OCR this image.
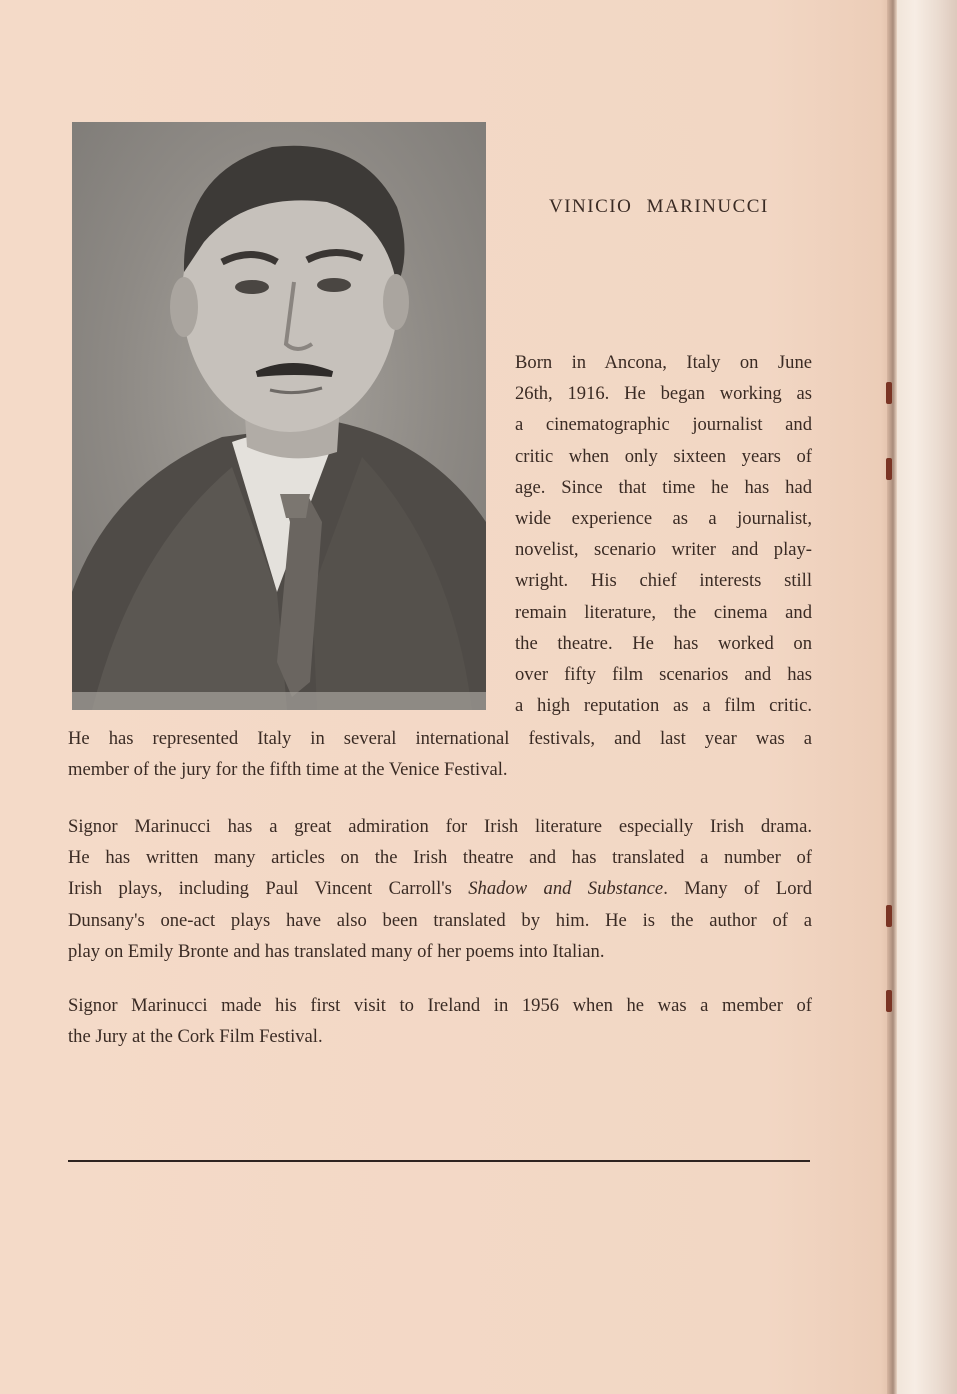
VINICIO MARINUCCI
Born in Ancona, Italy on June
26th, 1916. He began working as
a cinematographic journalist and
critic when only sixteen years of
age. Since that time he has had
wide experience as a journalist,
novelist, scenario writer and play-
wright. His chief interests still
remain literature, the cinema and
the theatre. He has worked on
over fifty film scenarios and has
a high reputation as a film critic.
He has represented Italy in several international festivals, and last year was a
member of the jury for the fifth time at the Venice Festival.
Signor Marinucci has a great admiration for Irish literature especially Irish drama.
He has written many articles on the Irish theatre and has translated a number of
Irish plays, including Paul Vincent Carroll's Shadow and Substance. Many of Lord
Dunsany's one-act plays have also been translated by him. He is the author of a
play on Emily Bronte and has translated many of her poems into Italian.
Signor Marinucci made his first visit to Ireland in 1956 when he was a member of
the Jury at the Cork Film Festival.
